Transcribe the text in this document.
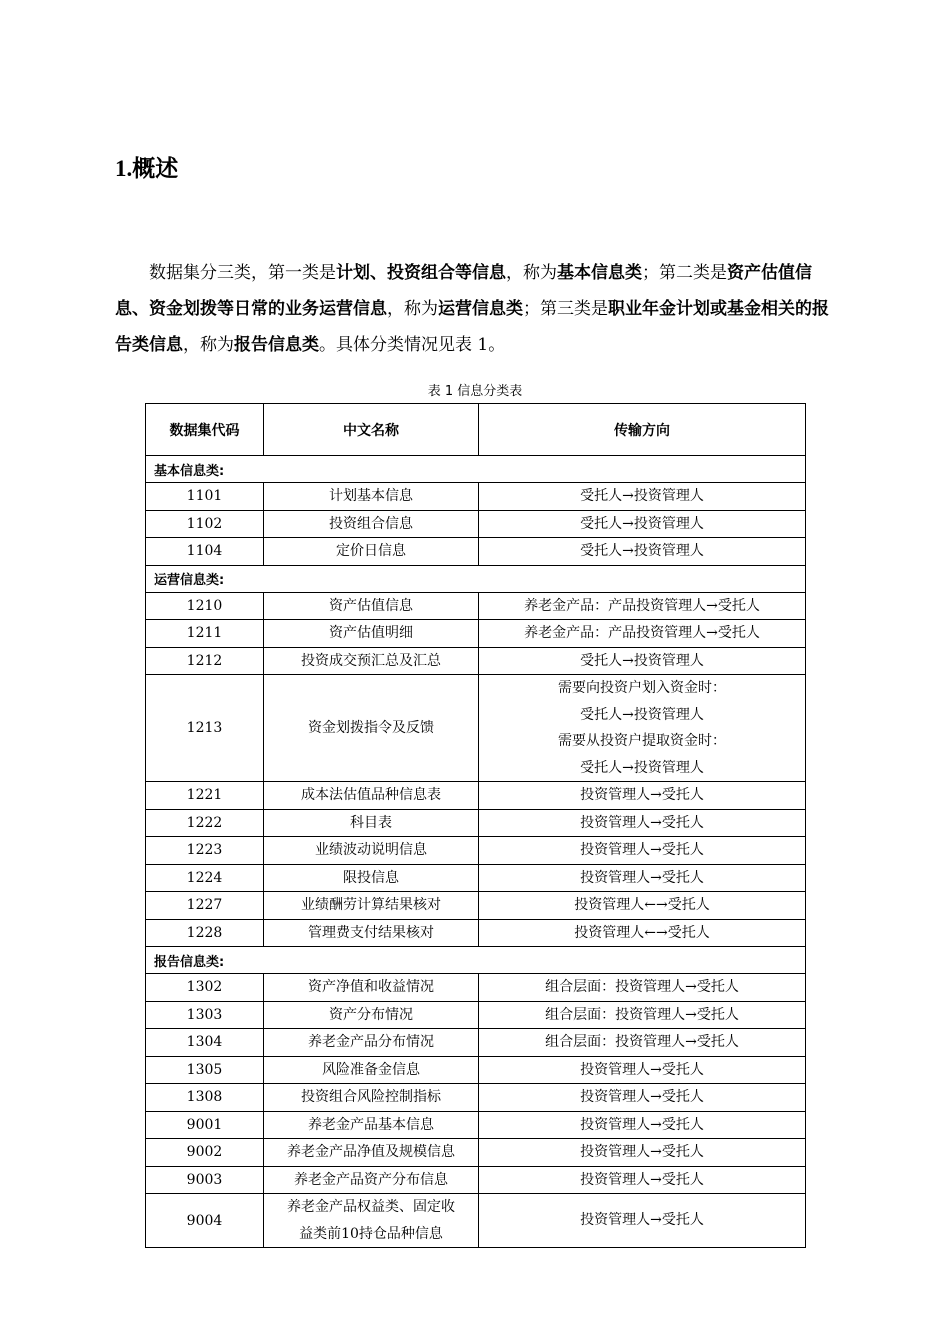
1.概述

数据集分三类，第一类是计划、投资组合等信息，称为基本信息类；第二类是资产估值信息、资金划拨等日常的业务运营信息，称为运营信息类；第三类是职业年金计划或基金相关的报告类信息，称为报告信息类。具体分类情况见表 1。

表 1 信息分类表
数据集代码	中文名称	传输方向
基本信息类:		
1101	计划基本信息	受托人→投资管理人

1102	投资组合信息	受托人→投资管理人

1104	定价日信息	受托人→投资管理人

运营信息类:		
1210	资产估值信息	养老金产品：产品投资管理人→受托人

1211	资产估值明细	养老金产品：产品投资管理人→受托人

1212	投资成交预汇总及汇总	受托人→投资管理人

1213	资金划拨指令及反馈	需要向投资户划入资金时：
受托人→投资管理人
需要从投资户提取资金时：
受托人→投资管理人

1221	成本法估值品种信息表	投资管理人→受托人

1222	科目表	投资管理人→受托人

1223	业绩波动说明信息	投资管理人→受托人

1224	限投信息	投资管理人→受托人

1227	业绩酬劳计算结果核对	投资管理人←→受托人

1228	管理费支付结果核对	投资管理人←→受托人

报告信息类:		
1302	资产净值和收益情况	组合层面：投资管理人→受托人

1303	资产分布情况	组合层面：投资管理人→受托人

1304	养老金产品分布情况	组合层面：投资管理人→受托人

1305	风险准备金信息	投资管理人→受托人

1308	投资组合风险控制指标	投资管理人→受托人

9001	养老金产品基本信息	投资管理人→受托人

9002	养老金产品净值及规模信息	投资管理人→受托人

9003	养老金产品资产分布信息	投资管理人→受托人

9004	养老金产品权益类、固定收
益类前10持仓品种信息	投资管理人→受托人
